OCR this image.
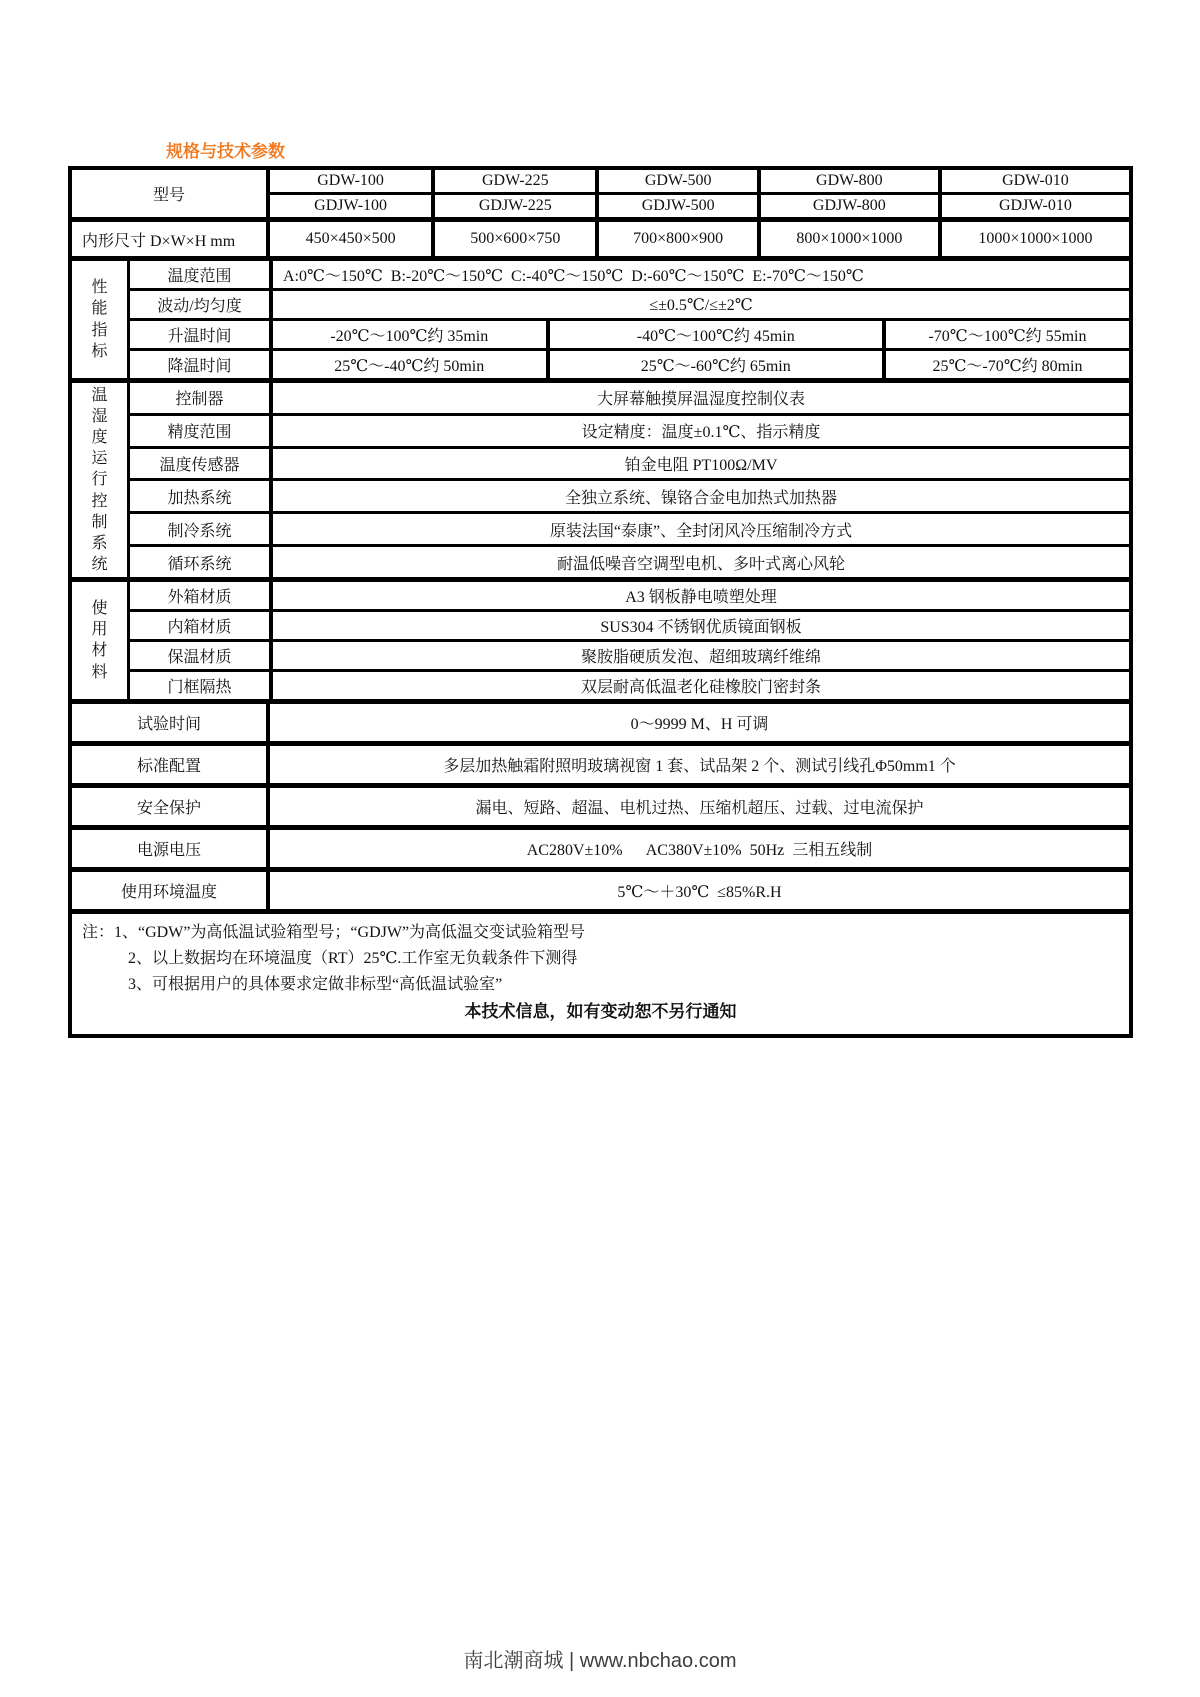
规格与技术参数
型号
GDW-100	GDW-225	GDW-500	GDW-800	GDW-010
GDJW-100	GDJW-225	GDJW-500	GDJW-800	GDJW-010
内形尺寸 D×W×H mm	450×450×500	500×600×750	700×800×900	800×1000×1000	1000×1000×1000
性能指标
温度范围	A:0℃～150℃  B:-20℃～150℃  C:-40℃～150℃  D:-60℃～150℃  E:-70℃～150℃
波动/均匀度	≤±0.5℃/≤±2℃
升温时间	-20℃～100℃约 35min	-40℃～100℃约 45min	-70℃～100℃约 55min
降温时间	25℃～-40℃约 50min	25℃～-60℃约 65min	25℃～-70℃约 80min
温湿度运行控制系统
控制器	大屏幕触摸屏温湿度控制仪表
精度范围	设定精度：温度±0.1℃、指示精度
温度传感器	铂金电阻 PT100Ω/MV
加热系统	全独立系统、镍铬合金电加热式加热器
制冷系统	原装法国“泰康”、全封闭风冷压缩制冷方式
循环系统	耐温低噪音空调型电机、多叶式离心风轮
使用材料
外箱材质	A3 钢板静电喷塑处理
内箱材质	SUS304 不锈钢优质镜面钢板
保温材质	聚胺脂硬质发泡、超细玻璃纤维绵
门框隔热	双层耐高低温老化硅橡胶门密封条
试验时间	0～9999 M、H 可调
标准配置	多层加热触霜附照明玻璃视窗 1 套、试品架 2 个、测试引线孔Φ50mm1 个
安全保护	漏电、短路、超温、电机过热、压缩机超压、过载、过电流保护
电源电压	AC280V±10%      AC380V±10%  50Hz  三相五线制
使用环境温度	5℃～＋30℃  ≤85%R.H
注：1、“GDW”为高低温试验箱型号；“GDJW”为高低温交变试验箱型号
2、以上数据均在环境温度（RT）25℃.工作室无负载条件下测得
3、可根据用户的具体要求定做非标型“高低温试验室”
本技术信息，如有变动恕不另行通知
南北潮商城 | www.nbchao.com
